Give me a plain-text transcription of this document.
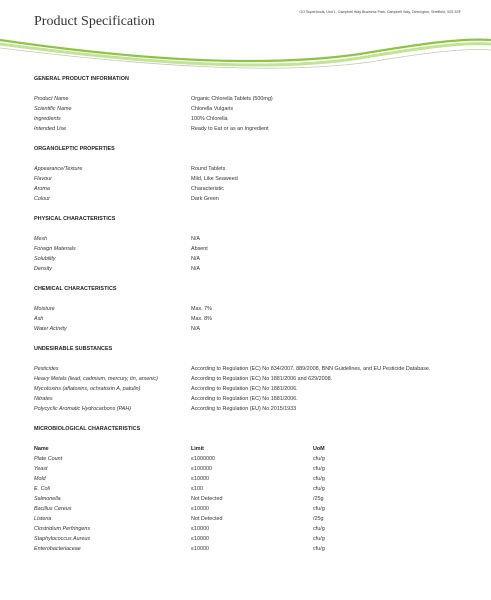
Product Specification
GO Superfoods, Unit 1, Campbell Way Business Park, Campbell Way, Dinnington, Sheffield, S25 3SF
GENERAL PRODUCT INFORMATION
Product Name	Organic Chlorella Tablets (500mg)
Scientific Name	Chlorella Vulgaris
Ingredients	100% Chlorella
Intended Use	Ready to Eat or as an Ingredient
ORGANOLEPTIC PROPERTIES
Appearance/Texture	Round Tablets
Flavour	Mild, Like Seaweed
Aroma	Characteristic
Colour	Dark Green
PHYSICAL CHARACTERISTICS
Mesh	N/A
Foreign Materials	Absent
Solubility	N/A
Density	N/A
CHEMICAL CHARACTERISTICS
Moisture	Max. 7%
Ash	Max. 8%
Water Activity	N/A
UNDESIRABLE SUBSTANCES
Pesticides	According to Regulation (EC) No 834/2007, 889/2008, BNN Guidelines, and EU Pesticide Database.
Heavy Metals (lead, cadmium, mercury, tin, arsenic)	According to Regulation (EC) No 1881/2006 and 629/2008.
Mycotoxins (aflatoxins, ochratoxin A, patulin)	According to Regulation (EC) No 1881/2006.
Nitrates	According to Regulation (EC) No 1881/2006.
Polycyclic Aromatic Hydrocarbons (PAH)	According to Regulation (EU) No 2015/1933
MICROBIOLOGICAL CHARACTERISTICS
Name	Limit	UoM
Plate Count	≤1000000	cfu/g
Yeast	≤100000	cfu/g
Mold	≤10000	cfu/g
E. Coli	≤100	cfu/g
Salmonella	Not Detected	/25g
Bacillus Cereus	≤10000	cfu/g
Listeria	Not Detected	/25g
Clostridium Perfringens	≤10000	cfu/g
Staphylococcus Aureus	≤10000	cfu/g
Enterobacteriaceae	≤10000	cfu/g
